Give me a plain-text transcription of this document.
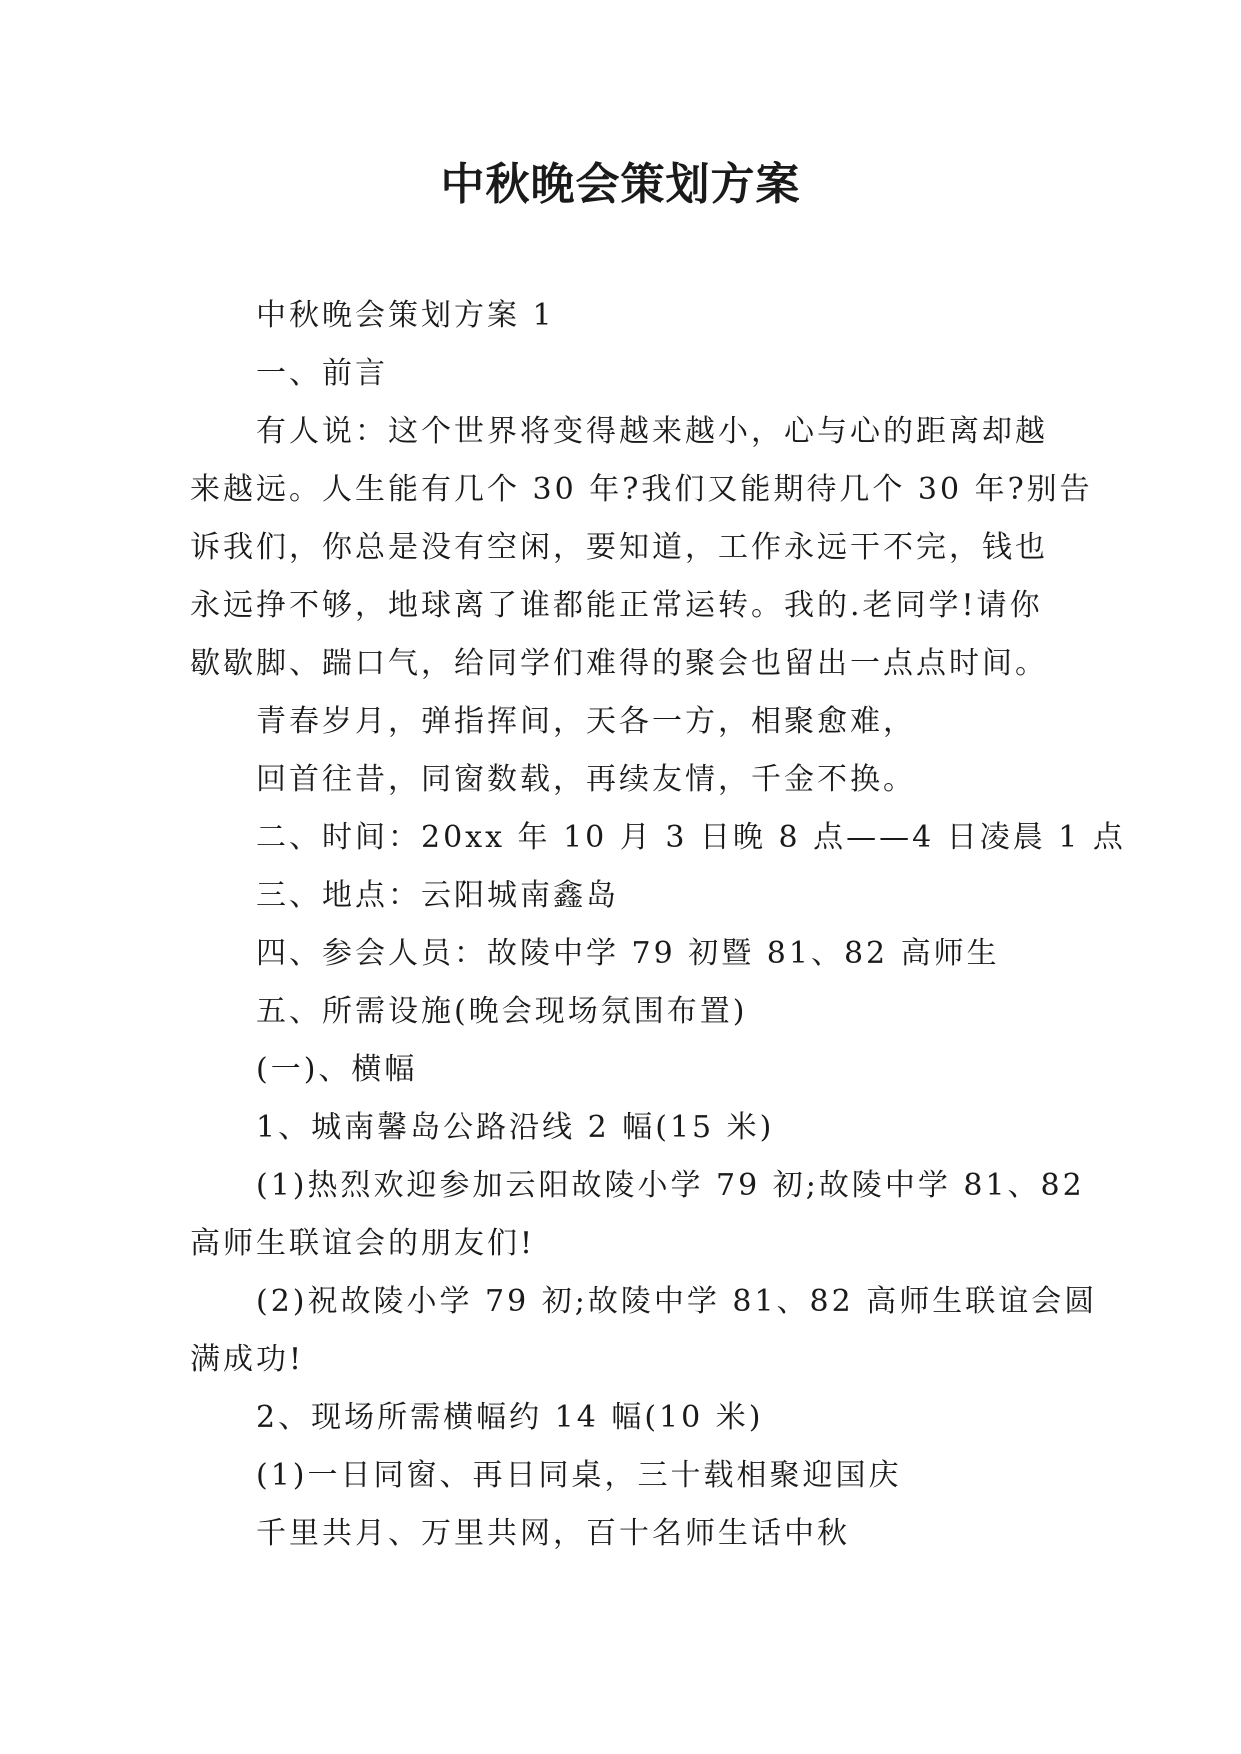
中秋晚会策划方案

中秋晚会策划方案 1

一、前言

有人说：这个世界将变得越来越小，心与心的距离却越

来越远。人生能有几个 30 年?我们又能期待几个 30 年?别告

诉我们，你总是没有空闲，要知道，工作永远干不完，钱也

永远挣不够，地球离了谁都能正常运转。我的.老同学!请你

歇歇脚、踹口气，给同学们难得的聚会也留出一点点时间。

青春岁月，弹指挥间，天各一方，相聚愈难，

回首往昔，同窗数载，再续友情，千金不换。

二、时间：20xx 年 10 月 3 日晚 8 点——4 日凌晨 1 点

三、地点：云阳城南鑫岛

四、参会人员：故陵中学 79 初暨 81、82 高师生

五、所需设施(晚会现场氛围布置)

(一)、横幅

1、城南馨岛公路沿线 2 幅(15 米)

(1)热烈欢迎参加云阳故陵小学 79 初;故陵中学 81、82

高师生联谊会的朋友们!

(2)祝故陵小学 79 初;故陵中学 81、82 高师生联谊会圆

满成功!

2、现场所需横幅约 14 幅(10 米)

(1)一日同窗、再日同桌，三十载相聚迎国庆

千里共月、万里共网，百十名师生话中秋
